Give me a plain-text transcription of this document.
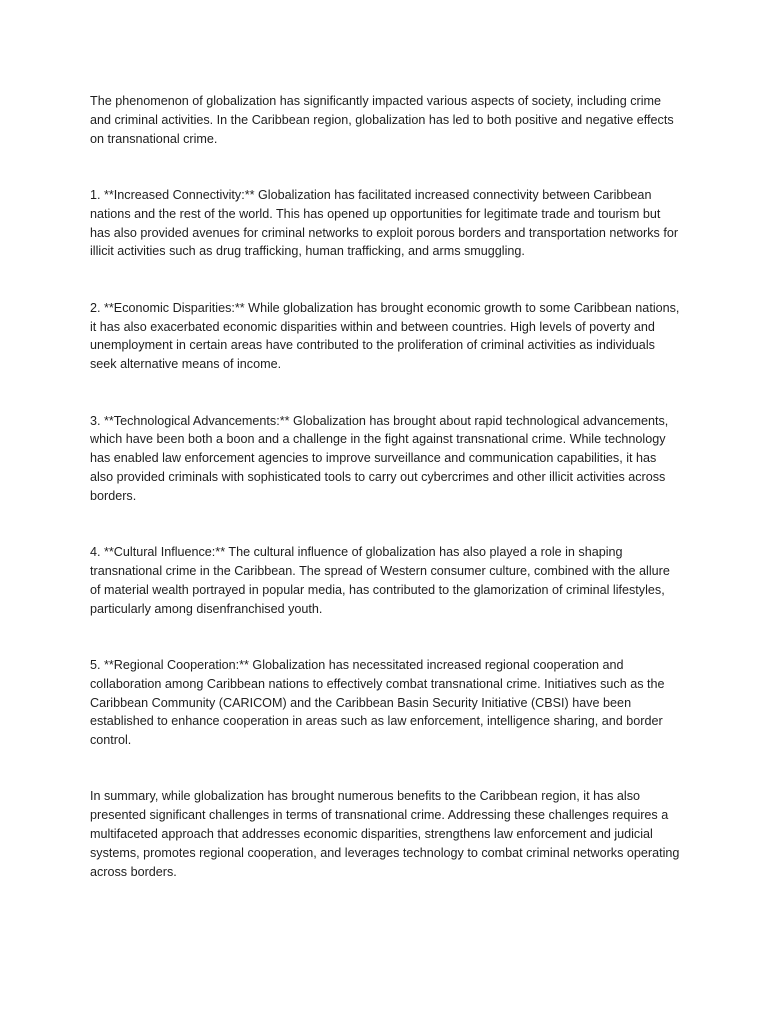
The phenomenon of globalization has significantly impacted various aspects of society, including crime and criminal activities. In the Caribbean region, globalization has led to both positive and negative effects on transnational crime.

1. **Increased Connectivity:** Globalization has facilitated increased connectivity between Caribbean nations and the rest of the world. This has opened up opportunities for legitimate trade and tourism but has also provided avenues for criminal networks to exploit porous borders and transportation networks for illicit activities such as drug trafficking, human trafficking, and arms smuggling.

2. **Economic Disparities:** While globalization has brought economic growth to some Caribbean nations, it has also exacerbated economic disparities within and between countries. High levels of poverty and unemployment in certain areas have contributed to the proliferation of criminal activities as individuals seek alternative means of income.

3. **Technological Advancements:** Globalization has brought about rapid technological advancements, which have been both a boon and a challenge in the fight against transnational crime. While technology has enabled law enforcement agencies to improve surveillance and communication capabilities, it has also provided criminals with sophisticated tools to carry out cybercrimes and other illicit activities across borders.

4. **Cultural Influence:** The cultural influence of globalization has also played a role in shaping transnational crime in the Caribbean. The spread of Western consumer culture, combined with the allure of material wealth portrayed in popular media, has contributed to the glamorization of criminal lifestyles, particularly among disenfranchised youth.

5. **Regional Cooperation:** Globalization has necessitated increased regional cooperation and collaboration among Caribbean nations to effectively combat transnational crime. Initiatives such as the Caribbean Community (CARICOM) and the Caribbean Basin Security Initiative (CBSI) have been established to enhance cooperation in areas such as law enforcement, intelligence sharing, and border control.

In summary, while globalization has brought numerous benefits to the Caribbean region, it has also presented significant challenges in terms of transnational crime. Addressing these challenges requires a multifaceted approach that addresses economic disparities, strengthens law enforcement and judicial systems, promotes regional cooperation, and leverages technology to combat criminal networks operating across borders.
